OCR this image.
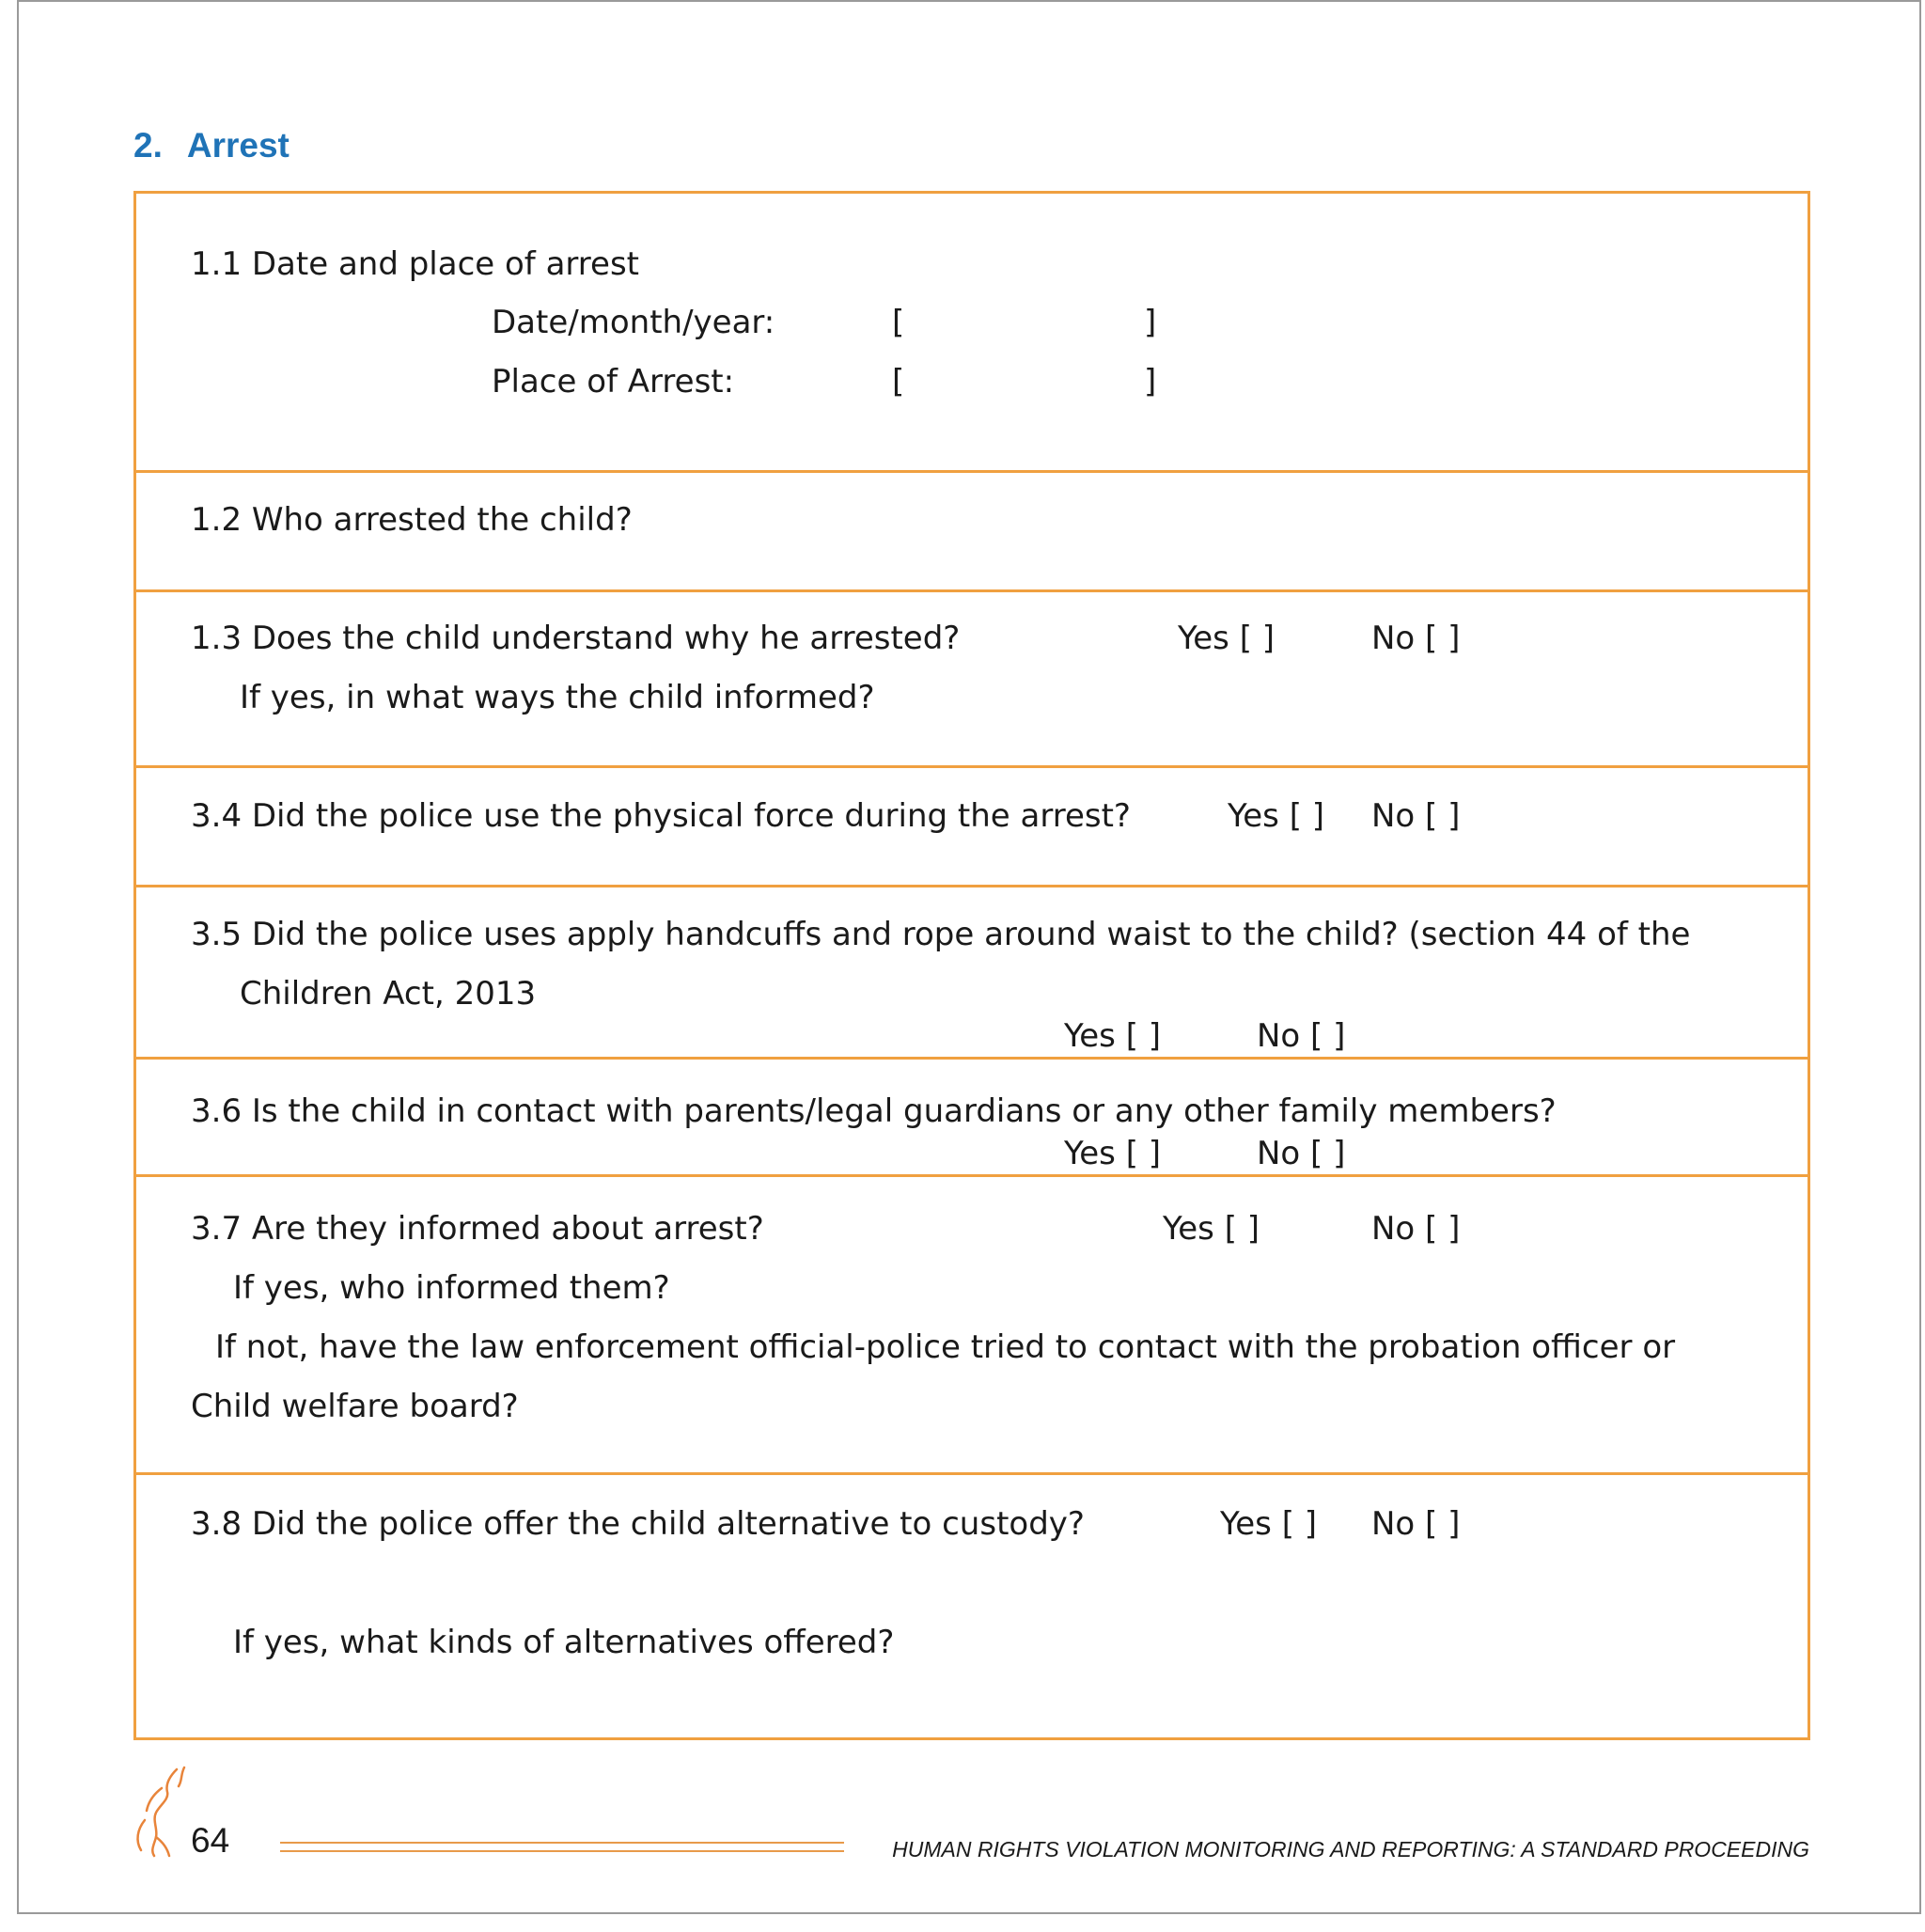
2. Arrest
1.1 Date and place of arrest
Date/month/year:	[	]
Place of Arrest:	[	]
1.2 Who arrested the child?
1.3 Does the child understand why he arrested?	Yes [ ]	No [ ]
If yes, in what ways the child informed?
3.4 Did the police use the physical force during the arrest?	Yes [ ] No [ ]
3.5 Did the police uses apply handcuffs and rope around waist to the child? (section 44 of the
Children Act, 2013
Yes [ ]	No [ ]
3.6 Is the child in contact with parents/legal guardians or any other family members?
Yes [ ]	No [ ]
3.7 Are they informed about arrest?	Yes [ ]	No [ ]
If yes, who informed them?
If not, have the law enforcement official-police tried to contact with the probation officer or
Child welfare board?
3.8 Did the police offer the child alternative to custody?	Yes [ ] No [ ]
If yes, what kinds of alternatives offered?
64	HUMAN RIGHTS VIOLATION MONITORING AND REPORTING: A STANDARD PROCEEDING
